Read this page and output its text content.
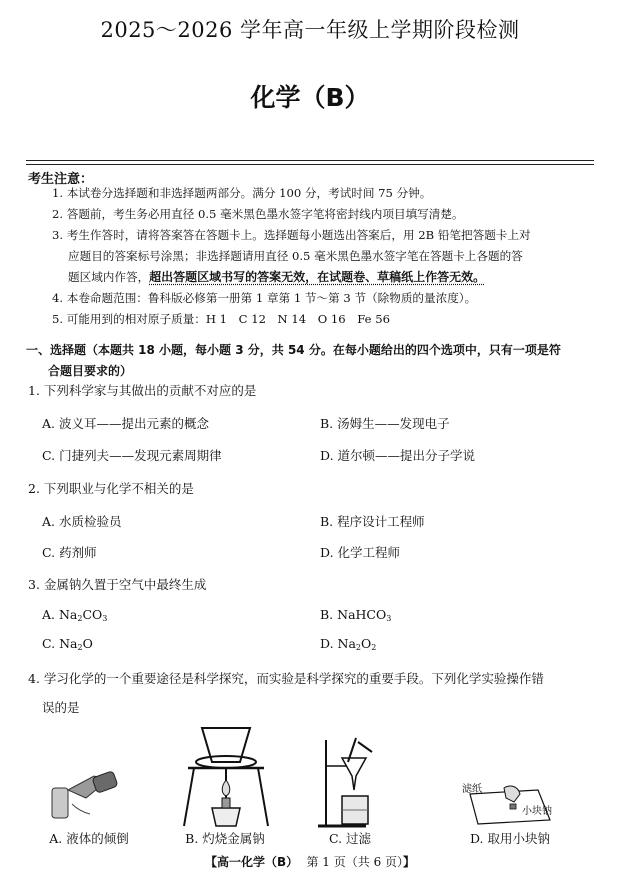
2025～2026 学年高一年级上学期阶段检测
化学（B）
考生注意：
1. 本试卷分选择题和非选择题两部分。满分 100 分，考试时间 75 分钟。
2. 答题前，考生务必用直径 0.5 毫米黑色墨水签字笔将密封线内项目填写清楚。
3. 考生作答时，请将答案答在答题卡上。选择题每小题选出答案后，用 2B 铅笔把答题卡上对
应题目的答案标号涂黑；非选择题请用直径 0.5 毫米黑色墨水签字笔在答题卡上各题的答
题区域内作答，超出答题区域书写的答案无效，在试题卷、草稿纸上作答无效。
4. 本卷命题范围：鲁科版必修第一册第 1 章第 1 节～第 3 节（除物质的量浓度）。
5. 可能用到的相对原子质量：H 1　C 12　N 14　O 16　Fe 56
一、选择题（本题共 18 小题，每小题 3 分，共 54 分。在每小题给出的四个选项中，只有一项是符
合题目要求的）
1. 下列科学家与其做出的贡献不对应的是
A. 波义耳——提出元素的概念	B. 汤姆生——发现电子
C. 门捷列夫——发现元素周期律	D. 道尔顿——提出分子学说
2. 下列职业与化学不相关的是
A. 水质检验员	B. 程序设计工程师
C. 药剂师	D. 化学工程师
3. 金属钠久置于空气中最终生成
A. $Na_2CO_3$	B. NaHCO$_3$
C. $Na_2O$	D. $Na_2O_2$
4. 学习化学的一个重要途径是科学探究，而实验是科学探究的重要手段。下列化学实验操作错
误的是
滤纸
小块钠
A. 液体的倾倒	B. 灼烧金属钠	C. 过滤	D. 取用小块钠
【高一化学（B） 第 1 页（共 6 页）】
